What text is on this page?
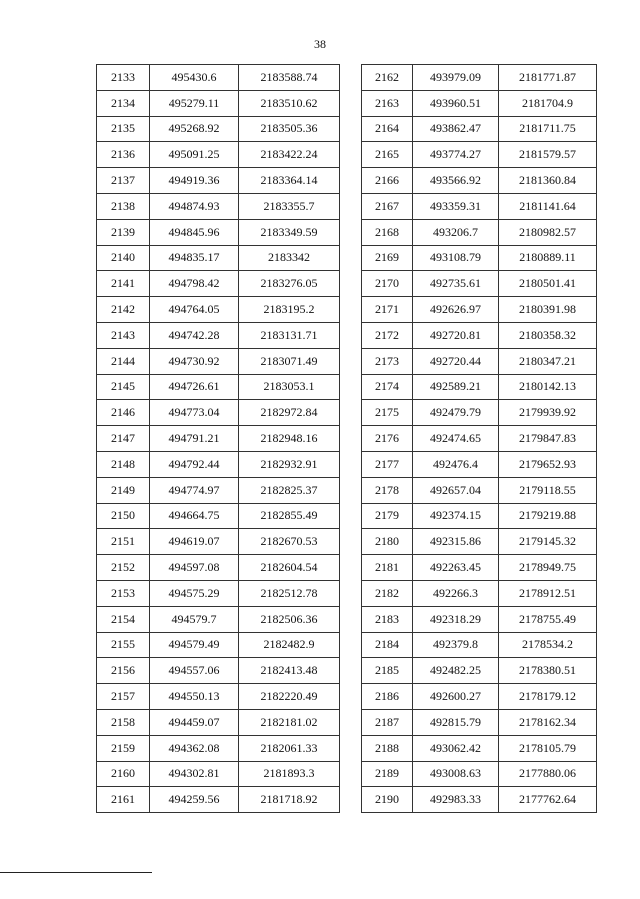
38
2133	495430.6	2183588.74
2134	495279.11	2183510.62
2135	495268.92	2183505.36
2136	495091.25	2183422.24
2137	494919.36	2183364.14
2138	494874.93	2183355.7
2139	494845.96	2183349.59
2140	494835.17	2183342
2141	494798.42	2183276.05
2142	494764.05	2183195.2
2143	494742.28	2183131.71
2144	494730.92	2183071.49
2145	494726.61	2183053.1
2146	494773.04	2182972.84
2147	494791.21	2182948.16
2148	494792.44	2182932.91
2149	494774.97	2182825.37
2150	494664.75	2182855.49
2151	494619.07	2182670.53
2152	494597.08	2182604.54
2153	494575.29	2182512.78
2154	494579.7	2182506.36
2155	494579.49	2182482.9
2156	494557.06	2182413.48
2157	494550.13	2182220.49
2158	494459.07	2182181.02
2159	494362.08	2182061.33
2160	494302.81	2181893.3
2161	494259.56	2181718.92
2162	493979.09	2181771.87
2163	493960.51	2181704.9
2164	493862.47	2181711.75
2165	493774.27	2181579.57
2166	493566.92	2181360.84
2167	493359.31	2181141.64
2168	493206.7	2180982.57
2169	493108.79	2180889.11
2170	492735.61	2180501.41
2171	492626.97	2180391.98
2172	492720.81	2180358.32
2173	492720.44	2180347.21
2174	492589.21	2180142.13
2175	492479.79	2179939.92
2176	492474.65	2179847.83
2177	492476.4	2179652.93
2178	492657.04	2179118.55
2179	492374.15	2179219.88
2180	492315.86	2179145.32
2181	492263.45	2178949.75
2182	492266.3	2178912.51
2183	492318.29	2178755.49
2184	492379.8	2178534.2
2185	492482.25	2178380.51
2186	492600.27	2178179.12
2187	492815.79	2178162.34
2188	493062.42	2178105.79
2189	493008.63	2177880.06
2190	492983.33	2177762.64
